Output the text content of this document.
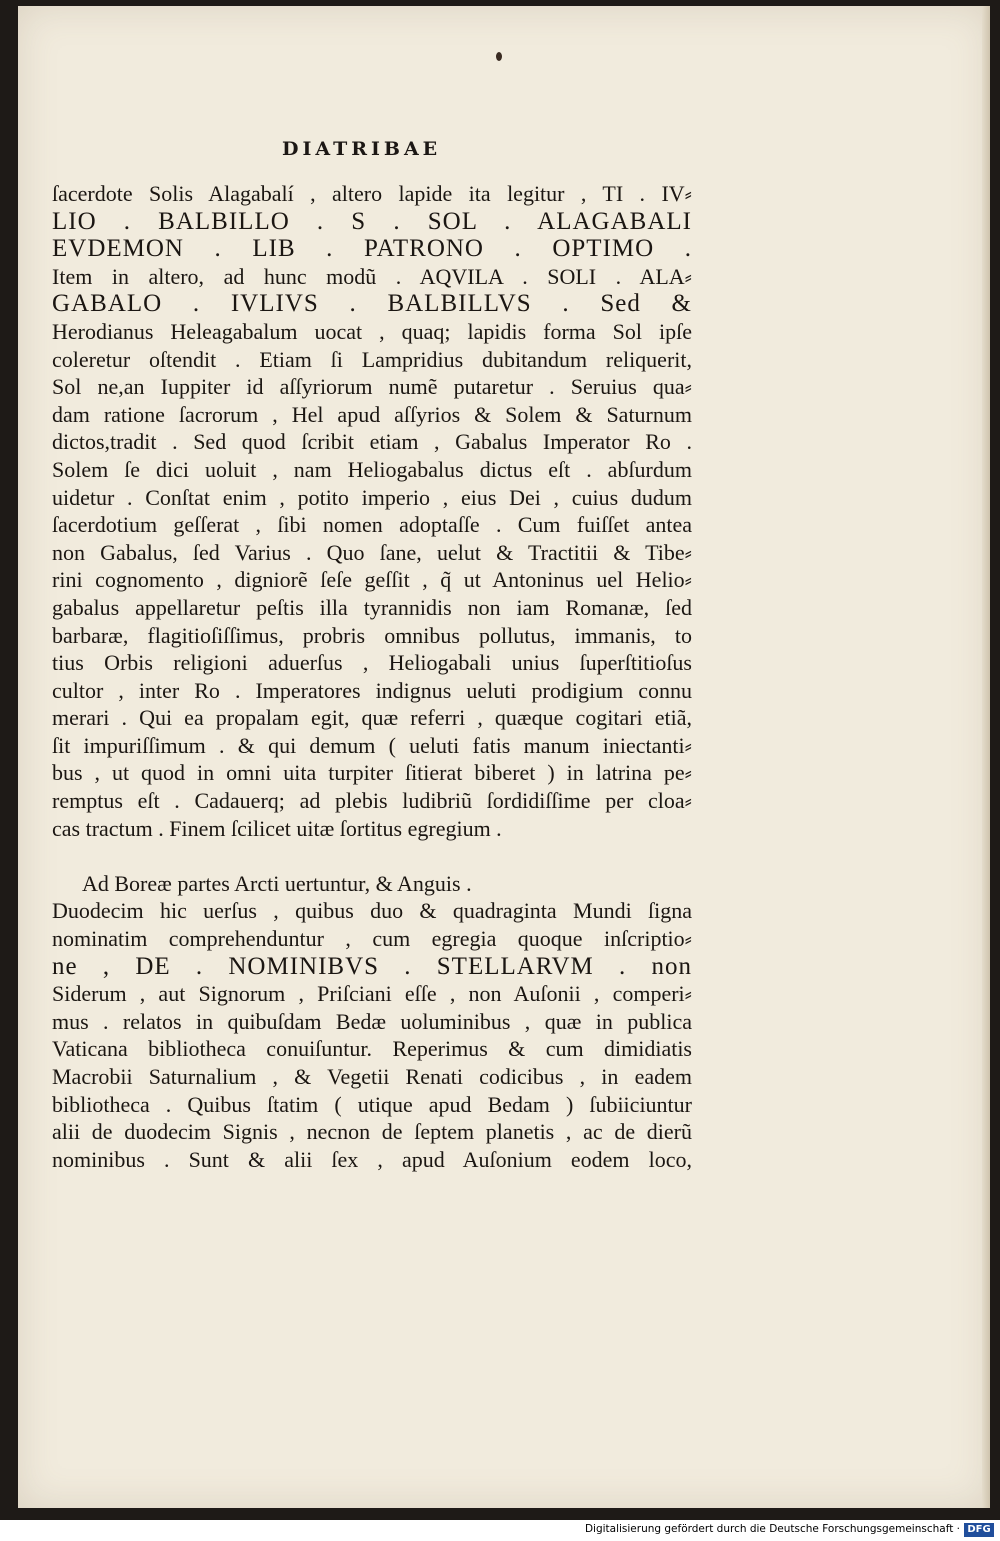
DIATRIBAE
ſacerdote Solis Alagabalí , altero lapide ita legitur , TI . IV⸗
LIO . BALBILLO . S . SOL . ALAGABALI
EVDEMON . LIB . PATRONO . OPTIMO .
Item in altero, ad hunc modũ . AQVILA . SOLI . ALA⸗
GABALO . IVLIVS . BALBILLVS . Sed &
Herodianus Heleagabalum uocat , quaq; lapidis forma Sol ipſe
coleretur oſtendit . Etiam ſi Lampridius dubitandum reliquerit,
Sol ne,an Iuppiter id aſſyriorum numẽ putaretur . Seruius qua⸗
dam ratione ſacrorum , Hel apud aſſyrios & Solem & Saturnum
dictos,tradit . Sed quod ſcribit etiam , Gabalus Imperator Ro .
Solem ſe dici uoluit , nam Heliogabalus dictus eſt . abſurdum
uidetur . Conſtat enim , potito imperio , eius Dei , cuius dudum
ſacerdotium geſſerat , ſibi nomen adoptaſſe . Cum fuiſſet antea
non Gabalus, ſed Varius . Quo ſane, uelut & Tractitii & Tibe⸗
rini cognomento , digniorẽ ſeſe geſſit , q̃ ut Antoninus uel Helio⸗
gabalus appellaretur peſtis illa tyrannidis non iam Romanæ, ſed
barbaræ, flagitioſiſſimus, probris omnibus pollutus, immanis, to
tius Orbis religioni aduerſus , Heliogabali unius ſuperſtitioſus
cultor , inter Ro . Imperatores indignus ueluti prodigium connu
merari . Qui ea propalam egit, quæ referri , quæque cogitari etiã,
ſit impuriſſimum . & qui demum ( ueluti fatis manum iniectanti⸗
bus , ut quod in omni uita turpiter ſitierat biberet ) in latrina pe⸗
remptus eſt . Cadauerq; ad plebis ludibriũ ſordidiſſime per cloa⸗
cas tractum . Finem ſcilicet uitæ ſortitus egregium .
Ad Boreæ partes Arcti uertuntur, & Anguis .
Duodecim hic uerſus , quibus duo & quadraginta Mundi ſigna
nominatim comprehenduntur , cum egregia quoque inſcriptio⸗
ne , DE . NOMINIBVS . STELLARVM . non
Siderum , aut Signorum , Priſciani eſſe , non Auſonii , comperi⸗
mus . relatos in quibuſdam Bedæ uoluminibus , quæ in publica
Vaticana bibliotheca conuiſuntur. Reperimus & cum dimidiatis
Macrobii Saturnalium , & Vegetii Renati codicibus , in eadem
bibliotheca . Quibus ſtatim ( utique apud Bedam ) ſubiiciuntur
alii de duodecim Signis , necnon de ſeptem planetis , ac de dierũ
nominibus . Sunt & alii ſex , apud Auſonium eodem loco,

Digitalisierung gefördert durch die Deutsche Forschungsgemeinschaft · DFG
